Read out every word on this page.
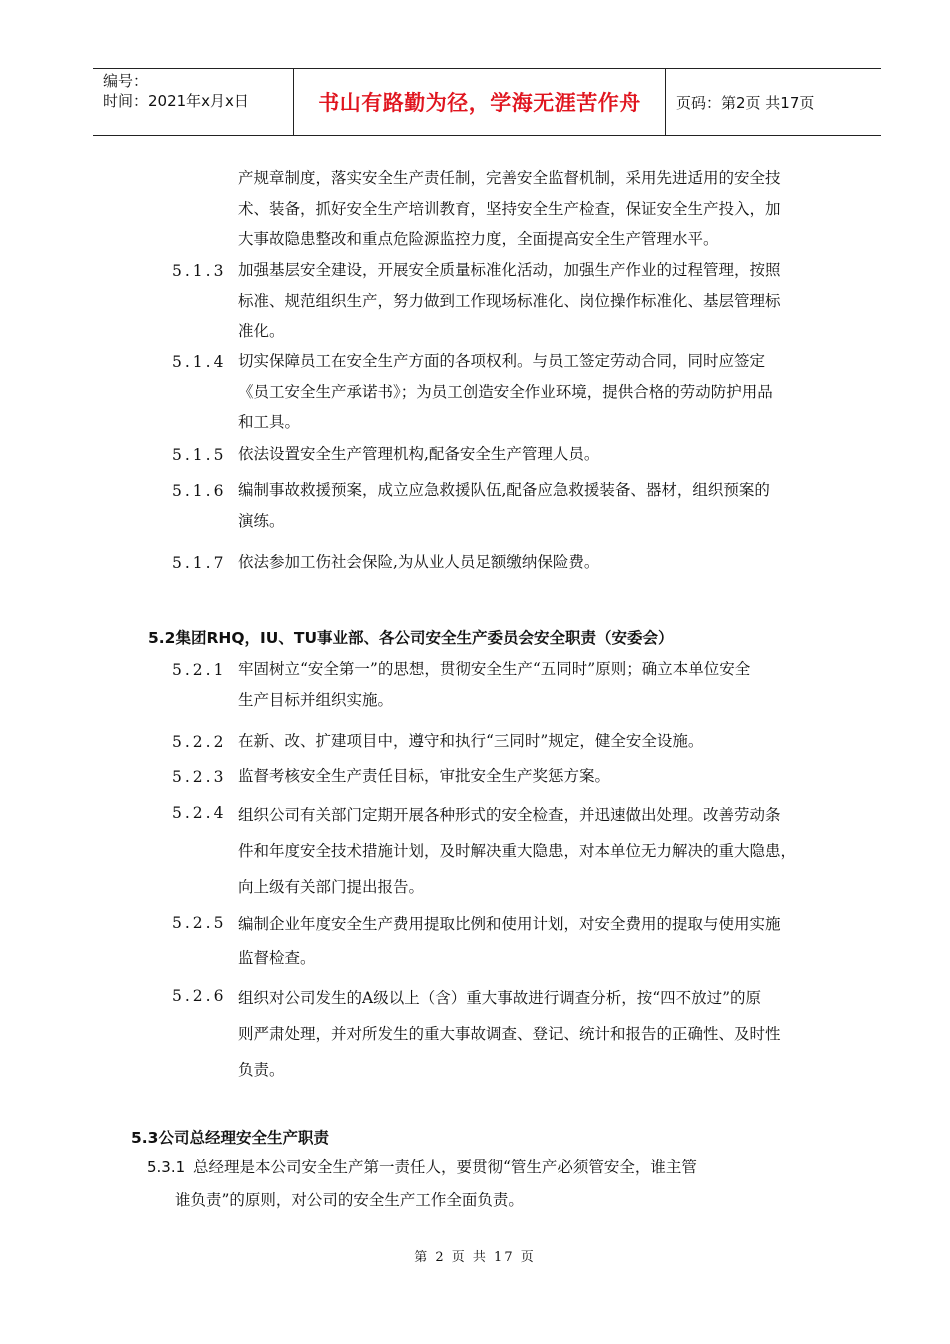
编号：
时间：2021年x月x日	书山有路勤为径，学海无涯苦作舟	页码：第2页 共17页
产规章制度，落实安全生产责任制，完善安全监督机制，采用先进适用的安全技
术、装备，抓好安全生产培训教育，坚持安全生产检查，保证安全生产投入，加
大事故隐患整改和重点危险源监控力度，全面提高安全生产管理水平。
5.1.3 加强基层安全建设，开展安全质量标准化活动，加强生产作业的过程管理，按照
标准、规范组织生产，努力做到工作现场标准化、岗位操作标准化、基层管理标
准化。
5.1.4 切实保障员工在安全生产方面的各项权利。与员工签定劳动合同，同时应签定
《员工安全生产承诺书》；为员工创造安全作业环境，提供合格的劳动防护用品
和工具。
5.1.5 依法设置安全生产管理机构,配备安全生产管理人员。
5.1.6 编制事故救援预案，成立应急救援队伍,配备应急救援装备、器材，组织预案的
演练。
5.1.7 依法参加工伤社会保险,为从业人员足额缴纳保险费。
5.2集团RHQ，IU、TU事业部、各公司安全生产委员会安全职责（安委会）
5.2.1 牢固树立“安全第一”的思想，贯彻安全生产“五同时”原则；确立本单位安全
生产目标并组织实施。
5.2.2 在新、改、扩建项目中，遵守和执行“三同时”规定，健全安全设施。
5.2.3 监督考核安全生产责任目标，审批安全生产奖惩方案。
5.2.4 组织公司有关部门定期开展各种形式的安全检查，并迅速做出处理。改善劳动条
件和年度安全技术措施计划，及时解决重大隐患，对本单位无力解决的重大隐患，
向上级有关部门提出报告。
5.2.5 编制企业年度安全生产费用提取比例和使用计划，对安全费用的提取与使用实施
监督检查。
5.2.6 组织对公司发生的A级以上（含）重大事故进行调查分析，按“四不放过”的原
则严肃处理，并对所发生的重大事故调查、登记、统计和报告的正确性、及时性
负责。
5.3公司总经理安全生产职责
5.3.1 总经理是本公司安全生产第一责任人，要贯彻“管生产必须管安全，谁主管
谁负责”的原则，对公司的安全生产工作全面负责。
第 2 页 共 17 页
